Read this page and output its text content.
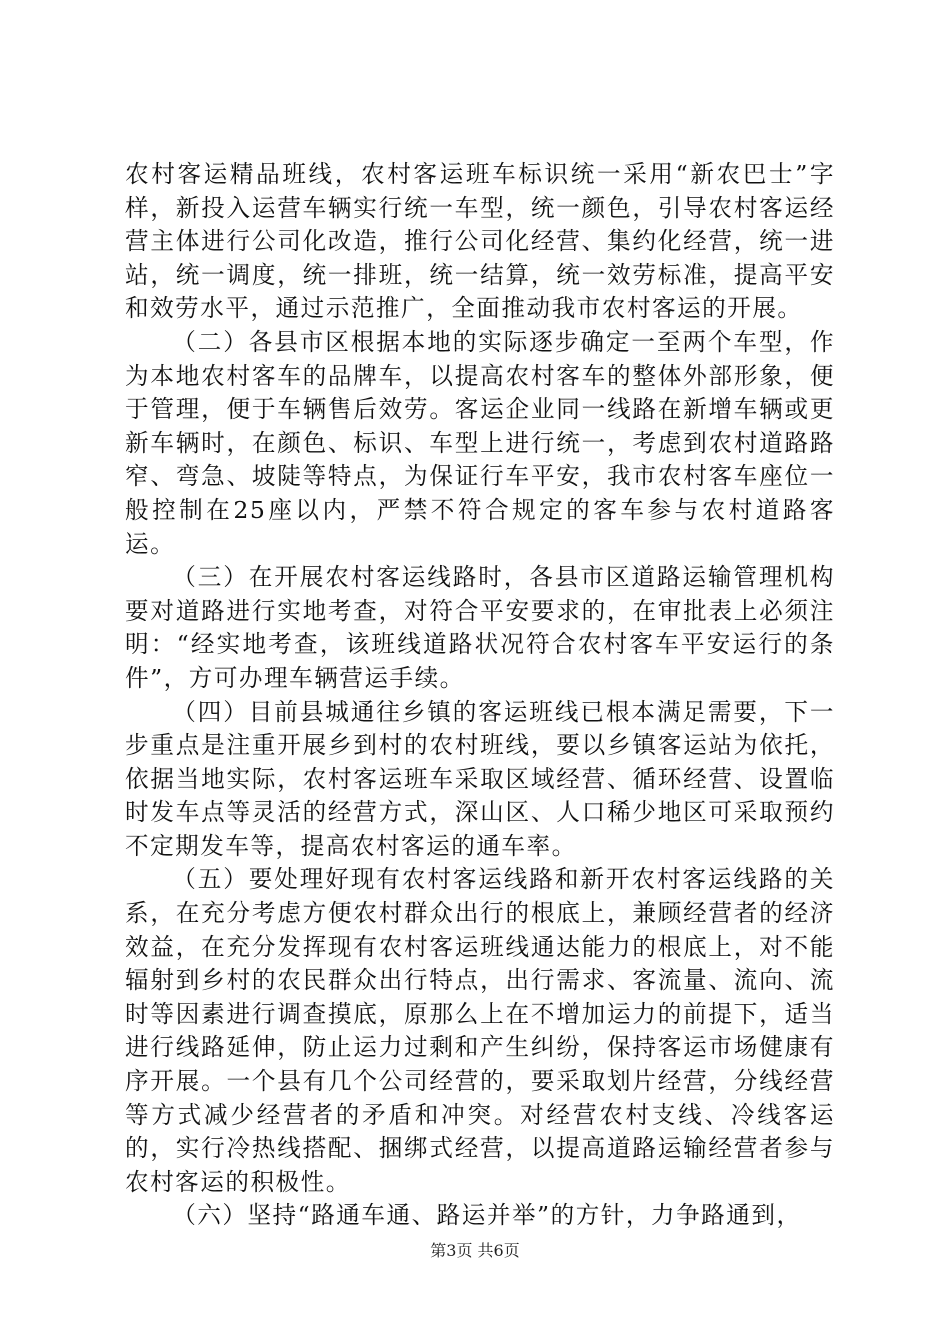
农村客运精品班线，农村客运班车标识统一采用“新农巴士”字样，新投入运营车辆实行统一车型，统一颜色，引导农村客运经营主体进行公司化改造，推行公司化经营、集约化经营，统一进站，统一调度，统一排班，统一结算，统一效劳标准，提高平安和效劳水平，通过示范推广，全面推动我市农村客运的开展。

（二）各县市区根据本地的实际逐步确定一至两个车型，作为本地农村客车的品牌车，以提高农村客车的整体外部形象，便于管理，便于车辆售后效劳。客运企业同一线路在新增车辆或更新车辆时，在颜色、标识、车型上进行统一，考虑到农村道路路窄、弯急、坡陡等特点，为保证行车平安，我市农村客车座位一般控制在25座以内，严禁不符合规定的客车参与农村道路客运。

（三）在开展农村客运线路时，各县市区道路运输管理机构要对道路进行实地考查，对符合平安要求的，在审批表上必须注明：“经实地考查，该班线道路状况符合农村客车平安运行的条件”，方可办理车辆营运手续。

（四）目前县城通往乡镇的客运班线已根本满足需要，下一步重点是注重开展乡到村的农村班线，要以乡镇客运站为依托，依据当地实际，农村客运班车采取区域经营、循环经营、设置临时发车点等灵活的经营方式，深山区、人口稀少地区可采取预约不定期发车等，提高农村客运的通车率。

（五）要处理好现有农村客运线路和新开农村客运线路的关系，在充分考虑方便农村群众出行的根底上，兼顾经营者的经济效益，在充分发挥现有农村客运班线通达能力的根底上，对不能辐射到乡村的农民群众出行特点，出行需求、客流量、流向、流时等因素进行调查摸底，原那么上在不增加运力的前提下，适当进行线路延伸，防止运力过剩和产生纠纷，保持客运市场健康有序开展。一个县有几个公司经营的，要采取划片经营，分线经营等方式减少经营者的矛盾和冲突。对经营农村支线、冷线客运的，实行冷热线搭配、捆绑式经营，以提高道路运输经营者参与农村客运的积极性。

（六）坚持“路通车通、路运并举”的方针，力争路通到，

第3页 共6页
